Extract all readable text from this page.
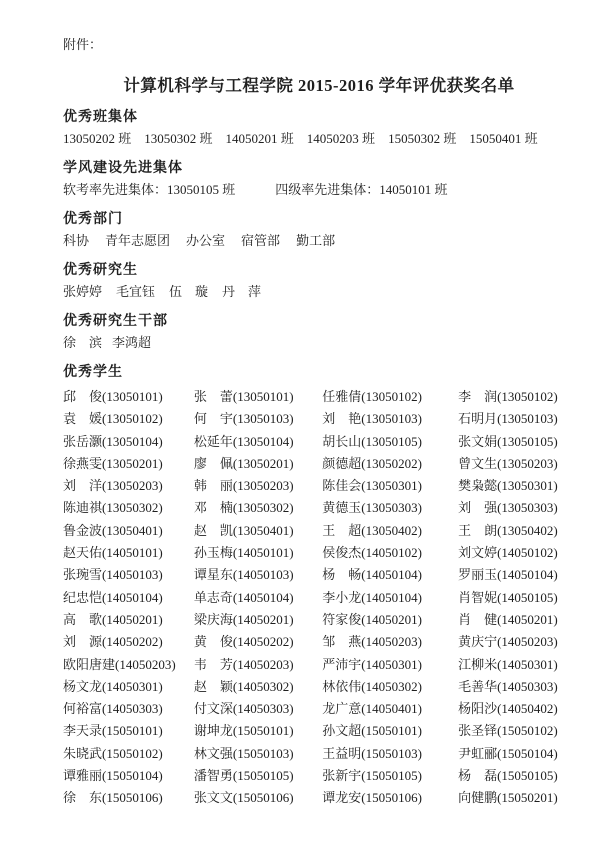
附件：
计算机科学与工程学院 2015-2016 学年评优获奖名单
优秀班集体
13050202 班 13050302 班 14050201 班 14050203 班 15050302 班 15050401 班
学风建设先进集体
软考率先进集体：13050105 班	四级率先进集体：14050101 班
优秀部门
科协 青年志愿团 办公室 宿管部 勤工部
优秀研究生
张婷婷 毛宜钰 伍　璇 丹　萍
优秀研究生干部
徐　滨 李鸿超
优秀学生
邱　俊(13050101)	张　蕾(13050101)	任雅倩(13050102)	李　润(13050102)
袁　媛(13050102)	何　宇(13050103)	刘　艳(13050103)	石明月(13050103)
张岳灏(13050104)	松延年(13050104)	胡长山(13050105)	张文娟(13050105)
徐燕雯(13050201)	廖　佩(13050201)	颜德超(13050202)	曾文生(13050203)
刘　洋(13050203)	韩　丽(13050203)	陈佳会(13050301)	樊枭懿(13050301)
陈迪祺(13050302)	邓　楠(13050302)	黄德玉(13050303)	刘　强(13050303)
鲁金波(13050401)	赵　凯(13050401)	王　超(13050402)	王　朗(13050402)
赵天佑(14050101)	孙玉梅(14050101)	侯俊杰(14050102)	刘文婷(14050102)
张琬雪(14050103)	谭星东(14050103)	杨　畅(14050104)	罗丽玉(14050104)
纪忠恺(14050104)	单志奇(14050104)	李小龙(14050104)	肖智妮(14050105)
高　歌(14050201)	梁庆海(14050201)	符家俊(14050201)	肖　健(14050201)
刘　源(14050202)	黄　俊(14050202)	邹　燕(14050203)	黄庆宁(14050203)
欧阳唐建(14050203)	韦　芳(14050203)	严沛宇(14050301)	江柳米(14050301)
杨文龙(14050301)	赵　颖(14050302)	林依伟(14050302)	毛善华(14050303)
何裕富(14050303)	付文深(14050303)	龙广意(14050401)	杨阳沙(14050402)
李天录(15050101)	谢坤龙(15050101)	孙文超(15050101)	张圣铎(15050102)
朱晓武(15050102)	林文强(15050103)	王益明(15050103)	尹虹郦(15050104)
谭雅丽(15050104)	潘智勇(15050105)	张新宇(15050105)	杨　磊(15050105)
徐　东(15050106)	张文文(15050106)	谭龙安(15050106)	向健鹏(15050201)
